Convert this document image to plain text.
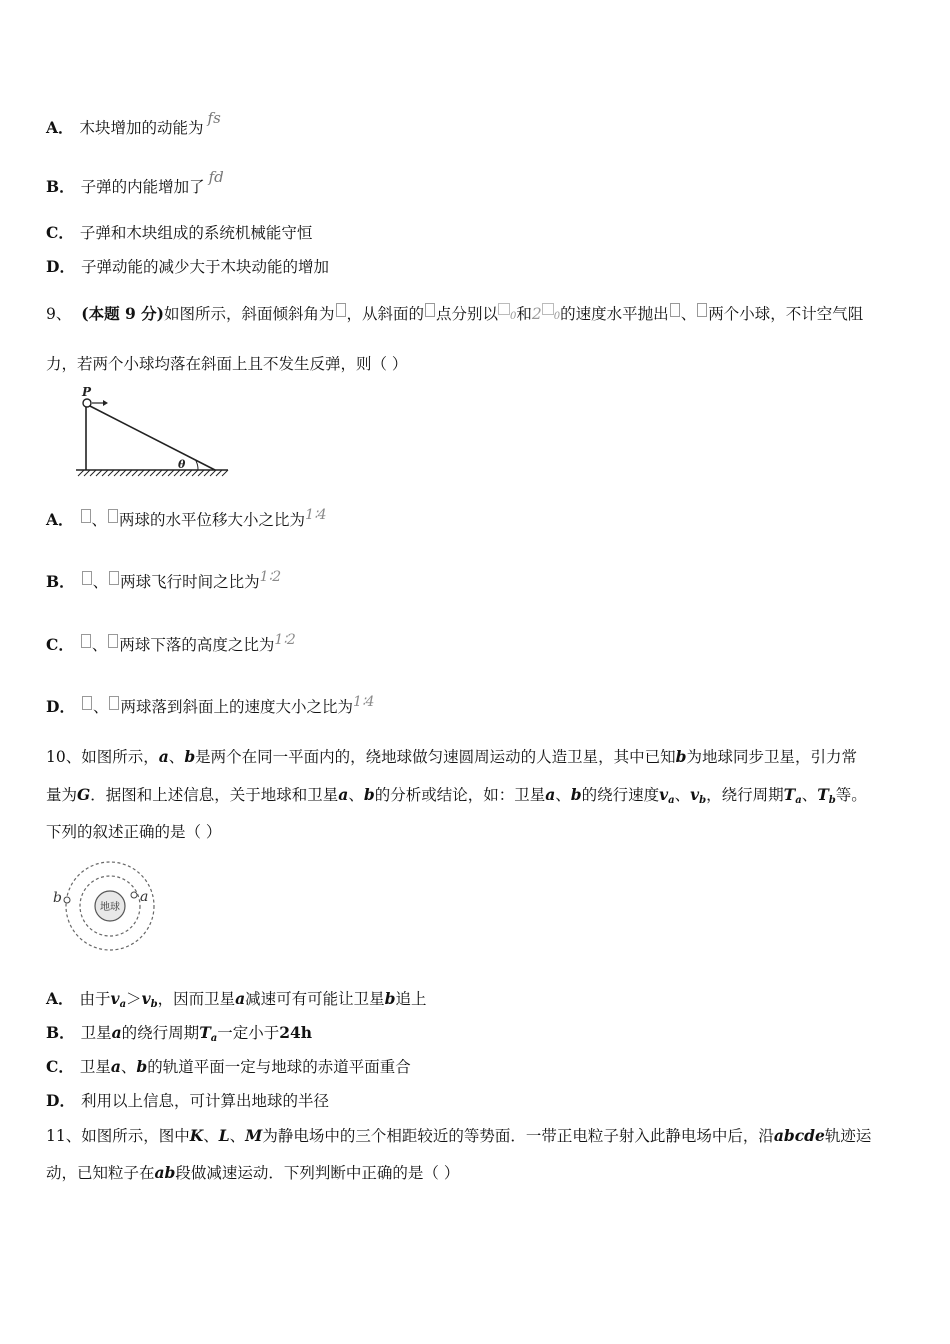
A． 木块增加的动能为fs
B． 子弹的内能增加了fd
C． 子弹和木块组成的系统机械能守恒
D． 子弹动能的减少大于木块动能的增加
9、 (本题 9 分)如图所示，斜面倾斜角为 ，从斜面的 点分别以 0和2 0的速度水平抛出 、 两个小球，不计空气阻
力，若两个小球均落在斜面上且不发生反弹，则（ ）
P
θ
A． 、 两球的水平位移大小之比为1∶4
B． 、 两球飞行时间之比为1∶2
C． 、 两球下落的高度之比为1∶2
D． 、 两球落到斜面上的速度大小之比为1∶4
10、如图所示，a、b是两个在同一平面内的，绕地球做匀速圆周运动的人造卫星，其中已知b为地球同步卫星，引力常
量为G．据图和上述信息，关于地球和卫星a、b的分析或结论，如：卫星a、b的绕行速度$v_a$、$v_b$，绕行周期$T_a$、$T_b$等。
下列的叙述正确的是（ ）
地球
a
b
A． 由于$v_a>v_b$，因而卫星a减速可有可能让卫星b追上
B． 卫星a的绕行周期$T_a$一定小于24h
C． 卫星a、b的轨道平面一定与地球的赤道平面重合
D． 利用以上信息，可计算出地球的半径
11、如图所示，图中K、L、M为静电场中的三个相距较近的等势面．一带正电粒子射入此静电场中后，沿abcde轨迹运
动，已知粒子在ab段做减速运动．下列判断中正确的是（ ）
